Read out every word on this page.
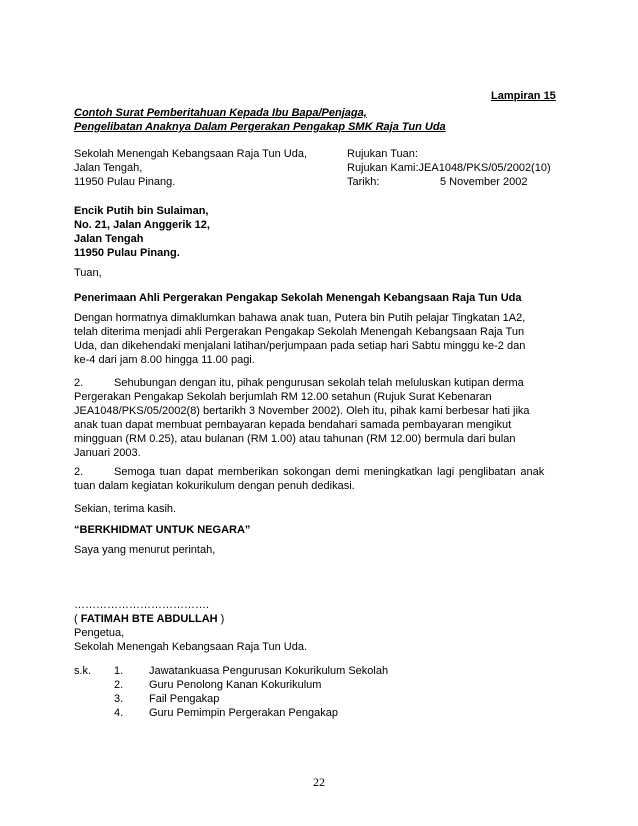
Lampiran 15
Contoh Surat Pemberitahuan Kepada Ibu Bapa/Penjaga,
Pengelibatan Anaknya Dalam Pergerakan Pengakap SMK Raja Tun Uda
Sekolah Menengah Kebangsaan Raja Tun Uda,
Jalan Tengah,
11950 Pulau Pinang.
Rujukan Tuan:
Rujukan Kami:JEA1048/PKS/05/2002(10)
Tarikh:	5 November 2002
Encik Putih bin Sulaiman,
No. 21, Jalan Anggerik 12,
Jalan Tengah
11950 Pulau Pinang.
Tuan,
Penerimaan Ahli Pergerakan Pengakap Sekolah Menengah Kebangsaan Raja Tun Uda
Dengan hormatnya dimaklumkan bahawa anak tuan, Putera bin Putih pelajar Tingkatan 1A2,
telah diterima menjadi ahli Pergerakan Pengakap Sekolah Menengah Kebangsaan Raja Tun
Uda, dan dikehendaki menjalani latihan/perjumpaan pada setiap hari Sabtu minggu ke-2 dan
ke-4 dari jam 8.00 hingga 11.00 pagi.
2.	Sehubungan dengan itu, pihak pengurusan sekolah telah meluluskan kutipan derma
Pergerakan Pengakap Sekolah berjumlah RM 12.00 setahun (Rujuk Surat Kebenaran
JEA1048/PKS/05/2002(8) bertarikh 3 November 2002). Oleh itu, pihak kami berbesar hati jika
anak tuan dapat membuat pembayaran kepada bendahari samada pembayaran mengikut
mingguan (RM 0.25), atau bulanan (RM 1.00) atau tahunan (RM 12.00) bermula dari bulan
Januari 2003.
2.	Semoga tuan dapat memberikan sokongan demi meningkatkan lagi penglibatan anak
tuan dalam kegiatan kokurikulum dengan penuh dedikasi.
Sekian, terima kasih.
“BERKHIDMAT UNTUK NEGARA”
Saya yang menurut perintah,
……………………………….
( FATIMAH BTE ABDULLAH )
Pengetua,
Sekolah Menengah Kebangsaan Raja Tun Uda.
s.k. 1. Jawatankuasa Pengurusan Kokurikulum Sekolah
2. Guru Penolong Kanan Kokurikulum
3. Fail Pengakap
4. Guru Pemimpin Pergerakan Pengakap
22
